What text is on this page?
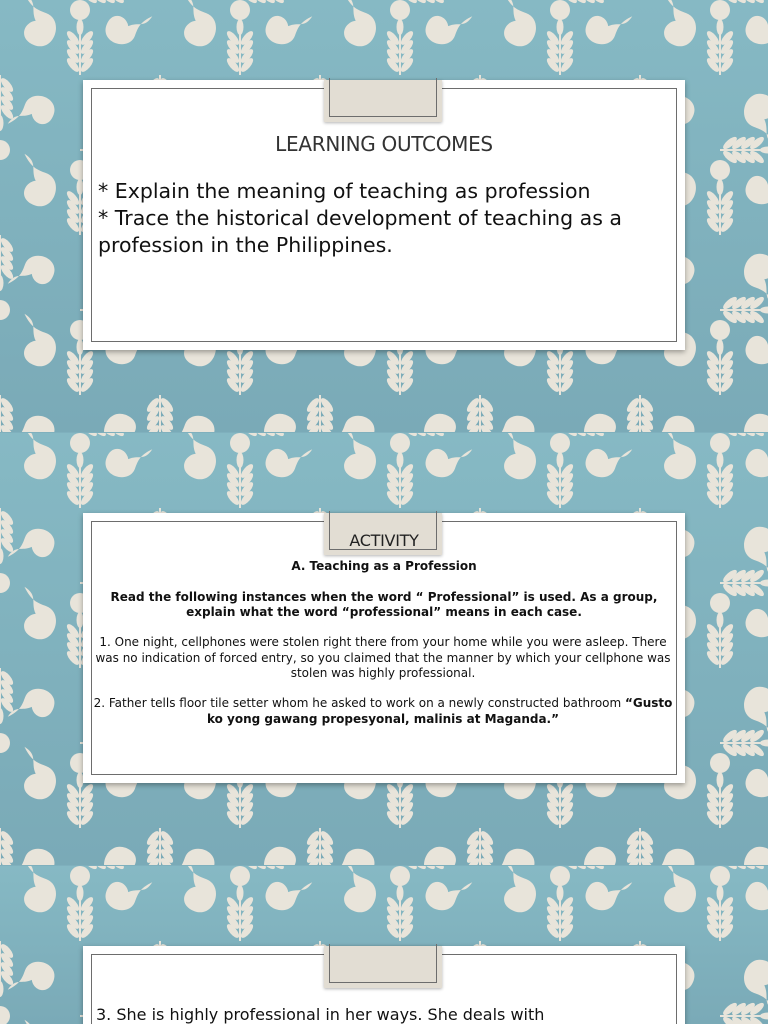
LEARNING OUTCOMES

* Explain the meaning of teaching as profession

* Trace the historical development of teaching as a profession in the Philippines.

ACTIVITY
A. Teaching as a Profession
Read the following instances when the word “ Professional” is used. As a group, explain what the word “professional” means in each case.
1. One night, cellphones were stolen right there from your home while you were asleep. There was no indication of forced entry, so you claimed that the manner by which your cellphone was stolen was highly professional.
2. Father tells floor tile setter whom he asked to work on a newly constructed bathroom “Gusto ko yong gawang propesyonal, malinis at Maganda.”
3. She is highly professional in her ways. She deals with
